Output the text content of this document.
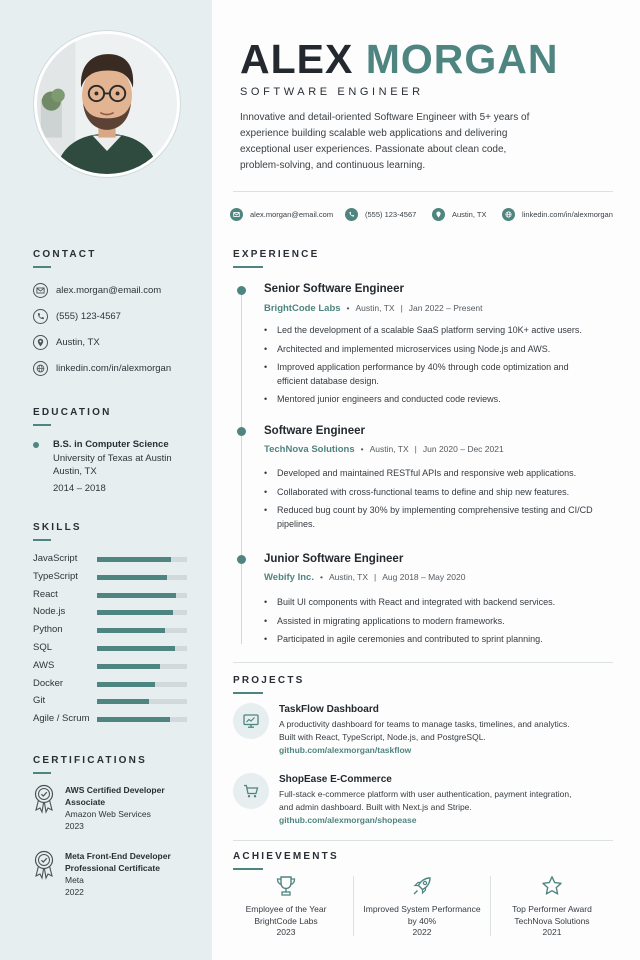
CONTACT
alex.morgan@email.com
(555) 123-4567
Austin, TX
linkedin.com/in/alexmorgan
EDUCATION
B.S. in Computer Science
University of Texas at Austin
Austin, TX
2014 – 2018
SKILLS
JavaScript
TypeScript
React
Node.js
Python
SQL
AWS
Docker
Git
Agile / Scrum
CERTIFICATIONS
AWS Certified Developer
Associate
Amazon Web Services
2023
Meta Front-End Developer
Professional Certificate
Meta
2022
ALEX MORGAN
SOFTWARE ENGINEER
Innovative and detail-oriented Software Engineer with 5+ years of experience building scalable web applications and delivering exceptional user experiences. Passionate about clean code, problem-solving, and continuous learning.
alex.morgan@email.com	(555) 123-4567	Austin, TX	linkedin.com/in/alexmorgan
EXPERIENCE
Senior Software Engineer
BrightCode Labs • Austin, TX | Jan 2022 – Present
• Led the development of a scalable SaaS platform serving 10K+ active users.
• Architected and implemented microservices using Node.js and AWS.
• Improved application performance by 40% through code optimization and efficient database design.
• Mentored junior engineers and conducted code reviews.
Software Engineer
TechNova Solutions • Austin, TX | Jun 2020 – Dec 2021
• Developed and maintained RESTful APIs and responsive web applications.
• Collaborated with cross-functional teams to define and ship new features.
• Reduced bug count by 30% by implementing comprehensive testing and CI/CD pipelines.
Junior Software Engineer
Webify Inc. • Austin, TX | Aug 2018 – May 2020
• Built UI components with React and integrated with backend services.
• Assisted in migrating applications to modern frameworks.
• Participated in agile ceremonies and contributed to sprint planning.
PROJECTS
TaskFlow Dashboard
A productivity dashboard for teams to manage tasks, timelines, and analytics. Built with React, TypeScript, Node.js, and PostgreSQL.
github.com/alexmorgan/taskflow
ShopEase E-Commerce
Full-stack e-commerce platform with user authentication, payment integration, and admin dashboard. Built with Next.js and Stripe.
github.com/alexmorgan/shopease
ACHIEVEMENTS
Employee of the Year
BrightCode Labs
2023
Improved System Performance
by 40%
2022
Top Performer Award
TechNova Solutions
2021
